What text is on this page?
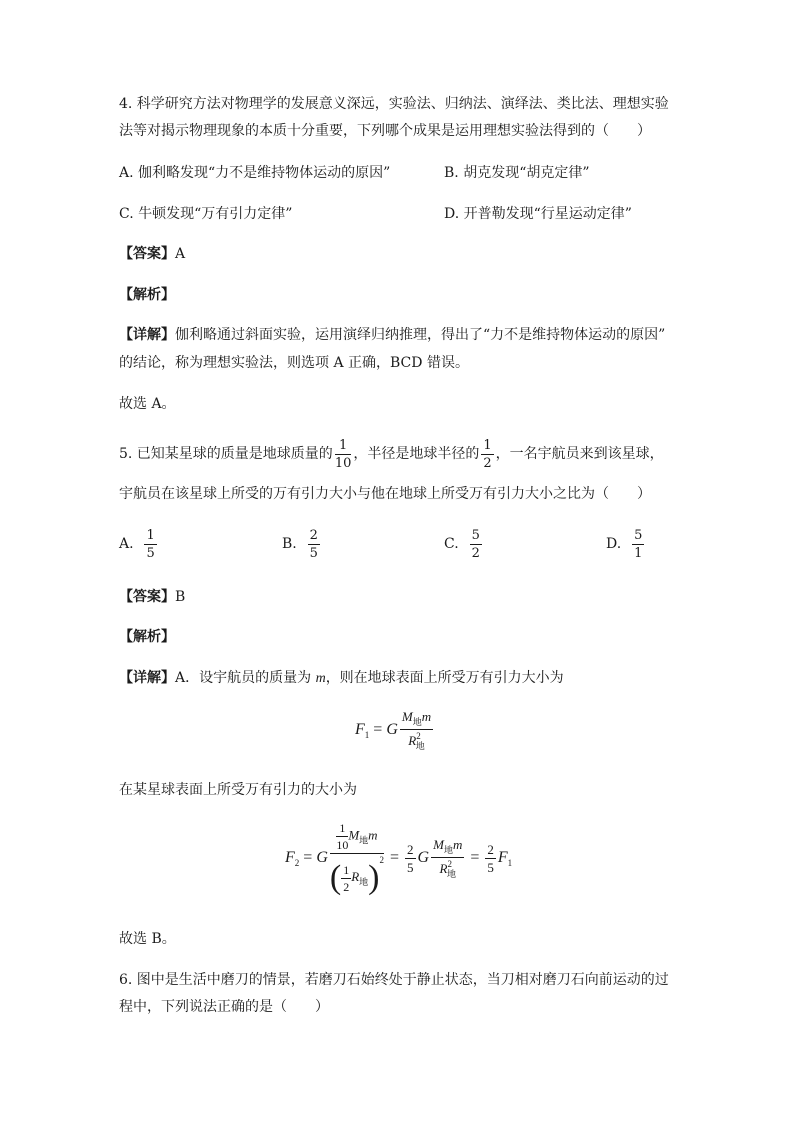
4. 科学研究方法对物理学的发展意义深远，实验法、归纳法、演绎法、类比法、理想实验
法等对揭示物理现象的本质十分重要，下列哪个成果是运用理想实验法得到的（　　）
A. 伽利略发现“力不是维持物体运动的原因”	B. 胡克发现“胡克定律”
C. 牛顿发现“万有引力定律”	D. 开普勒发现“行星运动定律”
【答案】A
【解析】
【详解】伽利略通过斜面实验，运用演绎归纳推理，得出了“力不是维持物体运动的原因”
的结论，称为理想实验法，则选项 A 正确，BCD 错误。
故选 A。
5. 已知某星球的质量是地球质量的 $\frac{1}{10}$ ，半径是地球半径的 $\frac{1}{2}$ ，一名宇航员来到该星球，
宇航员在该星球上所受的万有引力大小与他在地球上所受万有引力大小之比为（　　）
A. $\frac{1}{5}$	B. $\frac{2}{5}$	C. $\frac{5}{2}$	D. $\frac{5}{1}$
【答案】B
【解析】
【详解】A．设宇航员的质量为 m，则在地球表面上所受万有引力大小为
$F_1 = G \frac{M_地m}{R^2_地}$
在某星球表面上所受万有引力的大小为
$F_2 = G \frac{\frac{1}{10} M_地m}{( \frac{1}{2} R_地)^2} = \frac{2}{5}$ G $\frac{M_地m}{R^2_地} = \frac{2}{5} F_1$
故选 B。
6. 图中是生活中磨刀的情景，若磨刀石始终处于静止状态，当刀相对磨刀石向前运动的过
程中，下列说法正确的是（　　）
